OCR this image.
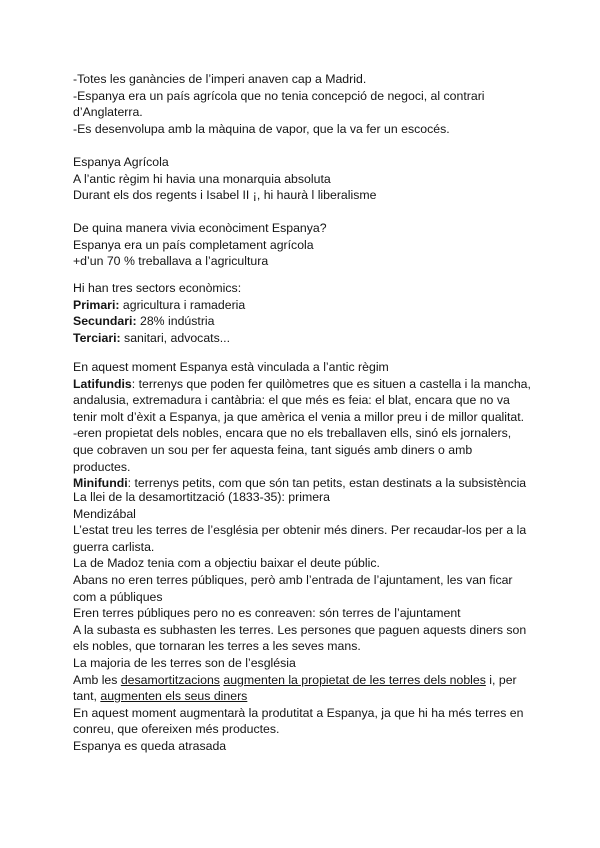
-Totes les ganàncies de l’imperi anaven cap a Madrid.
-Espanya era un país agrícola que no tenia concepció de negoci, al contrari d’Anglaterra.
-Es desenvolupa amb la màquina de vapor, que la va fer un escocés.
Espanya Agrícola
A l’antic règim hi havia una monarquia absoluta
Durant els dos regents i Isabel II ¡, hi haurà l liberalisme
De quina manera vivia econòciment Espanya?
Espanya era un país completament agrícola
+d’un 70 % treballava a l’agricultura
Hi han tres sectors econòmics:
Primari: agricultura i ramaderia
Secundari: 28% indústria
Terciari: sanitari, advocats...
En aquest moment Espanya està vinculada a l’antic règim
Latifundis: terrenys que poden fer quilòmetres que es situen a castella i la mancha, andalusia, extremadura i cantàbria: el que més es feia: el blat, encara que no va tenir molt d’èxit a Espanya, ja que amèrica el venia a millor preu i de millor qualitat.
-eren propietat dels nobles, encara que no els treballaven ells, sinó els jornalers, que cobraven un sou per fer aquesta feina, tant sigués amb diners o amb productes.
Minifundi: terrenys petits, com que són tan petits, estan destinats a la subsistència
La llei de la desamortització (1833-35): primera
Mendizábal
L’estat treu les terres de l’església per obtenir més diners. Per recaudar-los per a la guerra carlista.
La de Madoz tenia com a objectiu baixar el deute públic.
Abans no eren terres públiques, però amb l’entrada de l’ajuntament, les van ficar com a públiques
Eren terres públiques pero no es conreaven: són terres de l’ajuntament
A la subasta es subhasten les terres. Les persones que paguen aquests diners son els nobles, que tornaran les terres a les seves mans.
La majoria de les terres son de l’església
Amb les desamortitzacions augmenten la propietat de les terres dels nobles i, per tant, augmenten els seus diners
En aquest moment augmentarà la produtitat a Espanya, ja que hi ha més terres en conreu, que ofereixen més productes.
Espanya es queda atrasada
